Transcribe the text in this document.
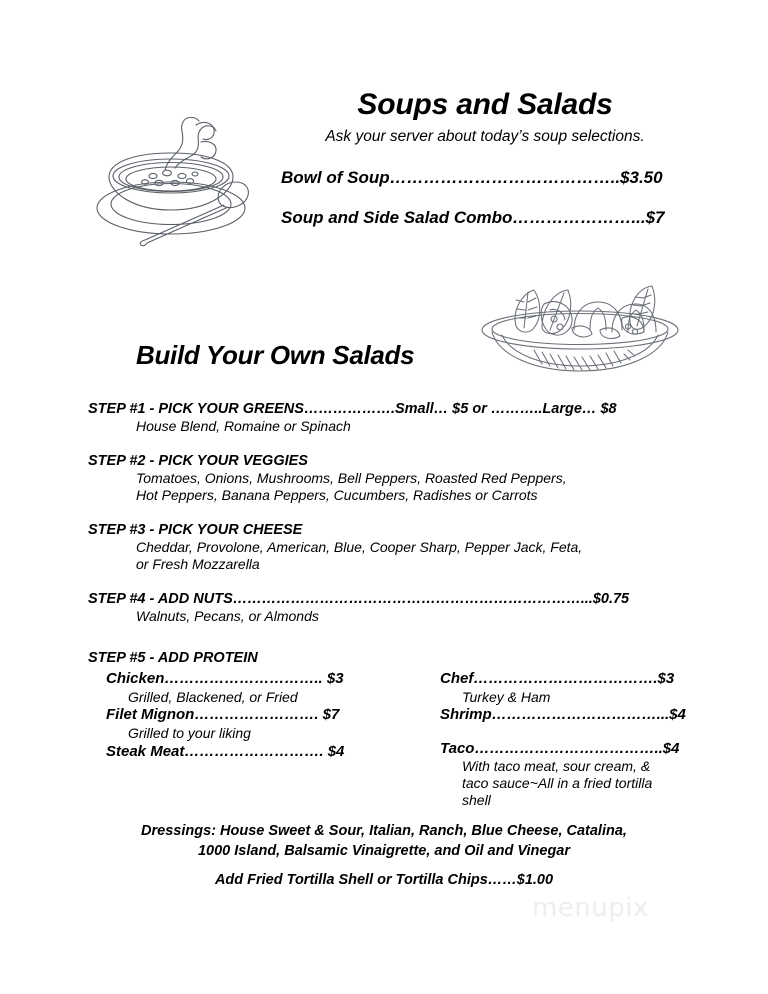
Soups and Salads
Ask your server about today’s soup selections.
Bowl of Soup…………………………………..$3.50
Soup and Side Salad Combo…………………...$7
Build Your Own Salads
STEP #1 - PICK YOUR GREENS……………….Small… $5 or ………..Large… $8
House Blend, Romaine or Spinach
STEP #2 - PICK YOUR VEGGIES
Tomatoes, Onions, Mushrooms, Bell Peppers, Roasted Red Peppers,
Hot Peppers, Banana Peppers, Cucumbers, Radishes or Carrots
STEP #3 - PICK YOUR CHEESE
Cheddar, Provolone, American, Blue, Cooper Sharp, Pepper Jack, Feta,
or Fresh Mozzarella
STEP #4 - ADD NUTS………………………………………………………………...$0.75
Walnuts, Pecans, or Almonds
STEP #5 - ADD PROTEIN
Chicken………………………….. $3
Grilled, Blackened, or Fried
Filet Mignon……………………. $7
Grilled to your liking
Steak Meat………………………. $4
Chef……………………………….$3
Turkey & Ham
Shrimp……………………………...$4
Taco………………………………..$4
With taco meat, sour cream, &
taco sauce~All in a fried tortilla
shell
Dressings: House Sweet & Sour, Italian, Ranch, Blue Cheese, Catalina,
1000 Island, Balsamic Vinaigrette, and Oil and Vinegar
Add Fried Tortilla Shell or Tortilla Chips……$1.00

menupix
